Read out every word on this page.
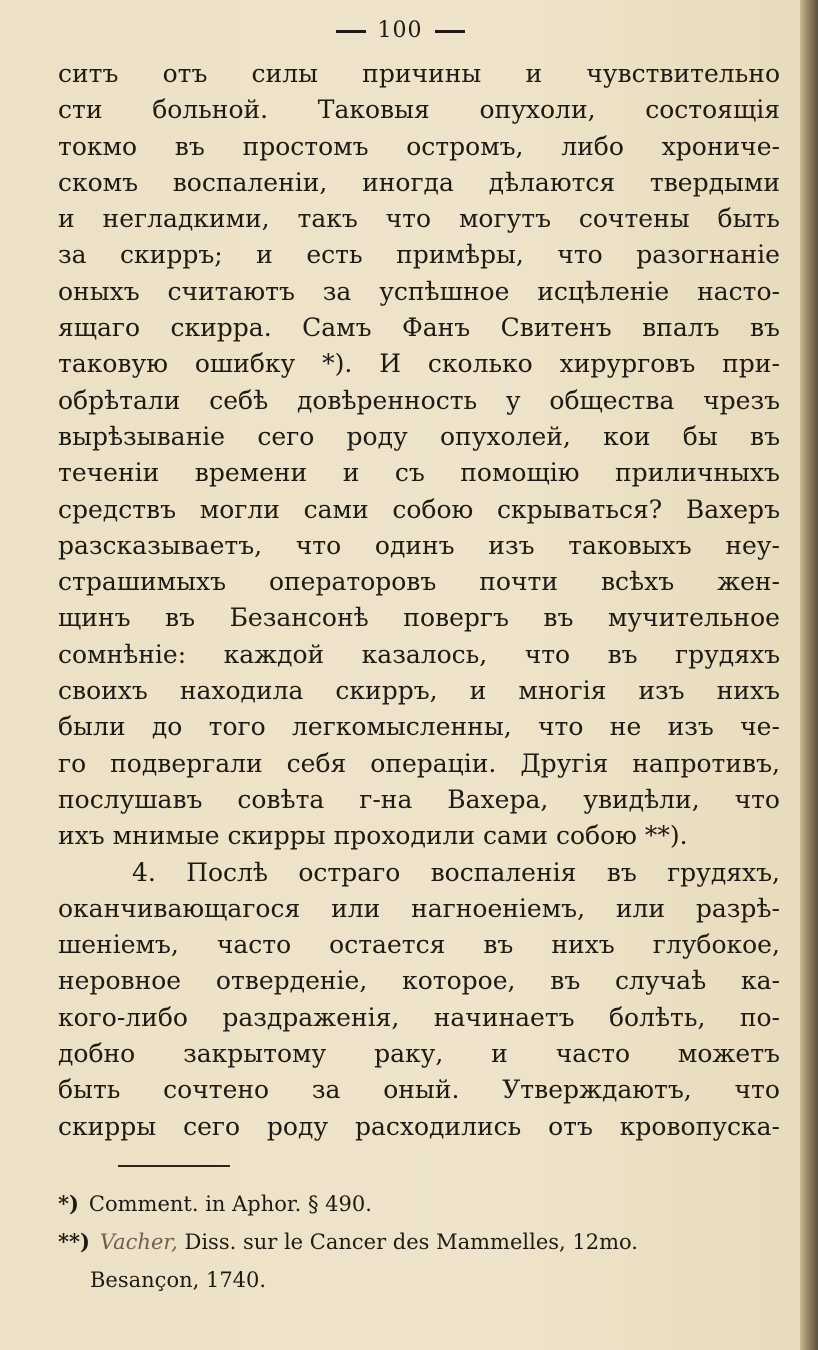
100
ситъ отъ силы причины и чувствительно
сти больной. Таковыя опухоли, состоящія
токмо въ простомъ остромъ, либо хрониче-
скомъ воспаленіи, иногда дѣлаются твердыми
и негладкими, такъ что могутъ сочтены быть
за скирръ; и есть примѣры, что разогнаніе
оныхъ считаютъ за успѣшное исцѣленіе насто-
ящаго скирра. Самъ Фанъ Свитенъ впалъ въ
таковую ошибку *). И сколько хирурговъ при-
обрѣтали себѣ довѣренность у общества чрезъ
вырѣзываніе сего роду опухолей, кои бы въ
теченіи времени и съ помощію приличныхъ
средствъ могли сами собою скрываться? Вахеръ
разсказываетъ, что одинъ изъ таковыхъ неу-
страшимыхъ операторовъ почти всѣхъ жен-
щинъ въ Безансонѣ повергъ въ мучительное
сомнѣніе: каждой казалось, что въ грудяхъ
своихъ находила скирръ, и многія изъ нихъ
были до того легкомысленны, что не изъ че-
го подвергали себя операціи. Другія напротивъ,
послушавъ совѣта г-на Вахера, увидѣли, что
ихъ мнимые скирры проходили сами собою **).
4. Послѣ остраго воспаленія въ грудяхъ,
оканчивающагося или нагноеніемъ, или разрѣ-
шеніемъ, часто остается въ нихъ глубокое,
неровное отверденіе, которое, въ случаѣ ка-
кого-либо раздраженія, начинаетъ болѣть, по-
добно закрытому раку, и часто можетъ
быть сочтено за оный. Утверждаютъ, что
скирры сего роду расходились отъ кровопуска-
*) Comment. in Aphor. § 490.
**) Vacher, Diss. sur le Cancer des Mammelles, 12mo.
Besançon, 1740.
